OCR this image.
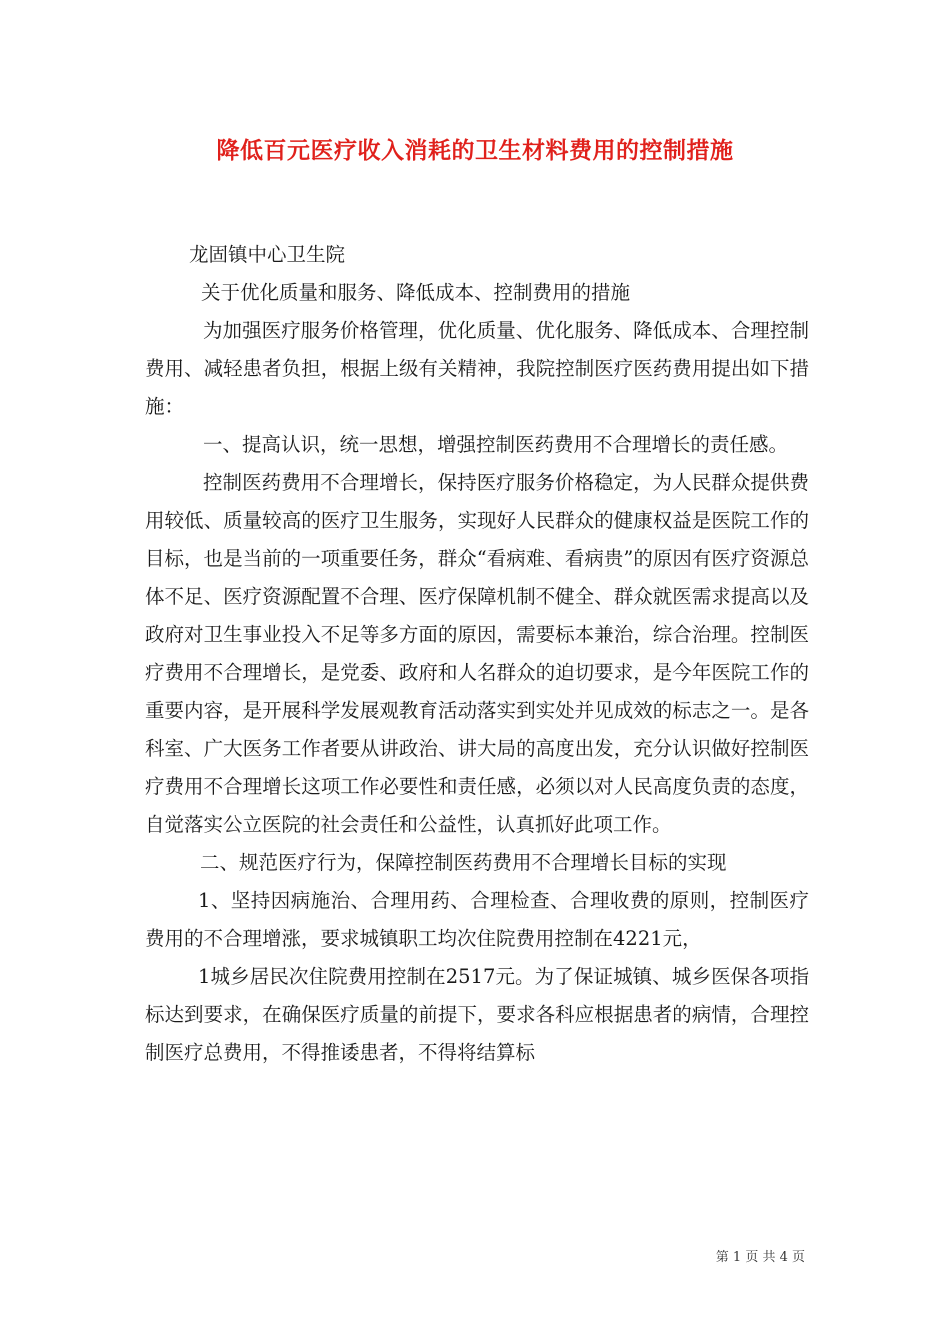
降低百元医疗收入消耗的卫生材料费用的控制措施

龙固镇中心卫生院

关于优化质量和服务、降低成本、控制费用的措施

为加强医疗服务价格管理，优化质量、优化服务、降低成本、合理控制费用、减轻患者负担，根据上级有关精神，我院控制医疗医药费用提出如下措施：

一、提高认识，统一思想，增强控制医药费用不合理增长的责任感。

控制医药费用不合理增长，保持医疗服务价格稳定，为人民群众提供费用较低、质量较高的医疗卫生服务，实现好人民群众的健康权益是医院工作的目标，也是当前的一项重要任务，群众“看病难、看病贵”的原因有医疗资源总体不足、医疗资源配置不合理、医疗保障机制不健全、群众就医需求提高以及政府对卫生事业投入不足等多方面的原因，需要标本兼治，综合治理。控制医疗费用不合理增长，是党委、政府和人名群众的迫切要求，是今年医院工作的重要内容，是开展科学发展观教育活动落实到实处并见成效的标志之一。是各科室、广大医务工作者要从讲政治、讲大局的高度出发，充分认识做好控制医疗费用不合理增长这项工作必要性和责任感，必须以对人民高度负责的态度，自觉落实公立医院的社会责任和公益性，认真抓好此项工作。

二、规范医疗行为，保障控制医药费用不合理增长目标的实现

1、坚持因病施治、合理用药、合理检查、合理收费的原则，控制医疗费用的不合理增涨，要求城镇职工均次住院费用控制在4221元，

1城乡居民次住院费用控制在2517元。为了保证城镇、城乡医保各项指标达到要求，在确保医疗质量的前提下，要求各科应根据患者的病情，合理控制医疗总费用，不得推诿患者，不得将结算标

第 1 页 共 4 页
